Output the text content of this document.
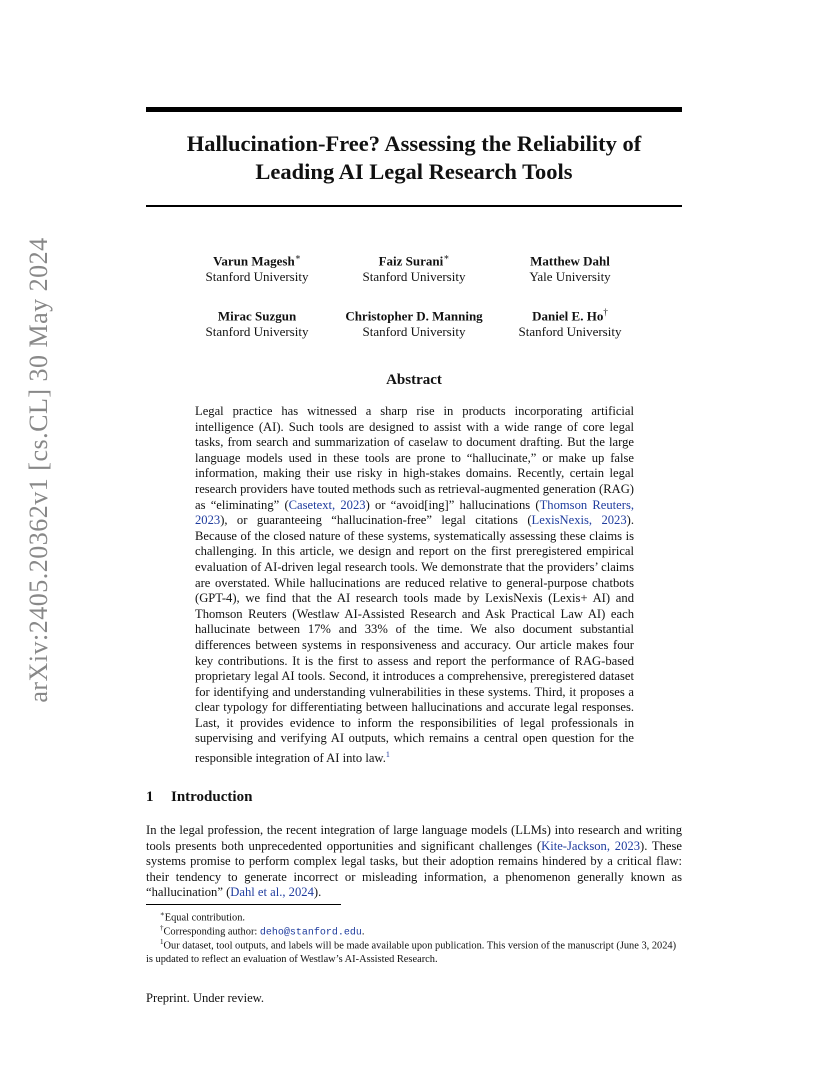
arXiv:2405.20362v1 [cs.CL] 30 May 2024
Hallucination-Free? Assessing the Reliability of
Leading AI Legal Research Tools
Varun Magesh∗
Stanford University
Faiz Surani∗
Stanford University
Matthew Dahl
Yale University
Mirac Suzgun
Stanford University
Christopher D. Manning
Stanford University
Daniel E. Ho†
Stanford University
Abstract
Legal practice has witnessed a sharp rise in products incorporating artificial intelligence (AI). Such tools are designed to assist with a wide range of core legal tasks, from search and summarization of caselaw to document drafting. But the large language models used in these tools are prone to “hallucinate,” or make up false information, making their use risky in high-stakes domains. Recently, certain legal research providers have touted methods such as retrieval-augmented generation (RAG) as “eliminating” (Casetext, 2023) or “avoid[ing]” hallucinations (Thomson Reuters, 2023), or guaranteeing “hallucination-free” legal citations (LexisNexis, 2023). Because of the closed nature of these systems, systematically assessing these claims is challenging. In this article, we design and report on the first preregistered empirical evaluation of AI-driven legal research tools. We demonstrate that the providers’ claims are overstated. While hallucinations are reduced relative to general-purpose chatbots (GPT-4), we find that the AI research tools made by LexisNexis (Lexis+ AI) and Thomson Reuters (Westlaw AI-Assisted Research and Ask Practical Law AI) each hallucinate between 17% and 33% of the time. We also document substantial differences between systems in responsiveness and accuracy. Our article makes four key contributions. It is the first to assess and report the performance of RAG-based proprietary legal AI tools. Second, it introduces a comprehensive, preregistered dataset for identifying and understanding vulnerabilities in these systems. Third, it proposes a clear typology for differentiating between hallucinations and accurate legal responses. Last, it provides evidence to inform the responsibilities of legal professionals in supervising and verifying AI outputs, which remains a central open question for the responsible integration of AI into law.$^1$
1 Introduction
In the legal profession, the recent integration of large language models (LLMs) into research and writing tools presents both unprecedented opportunities and significant challenges (Kite-Jackson, 2023). These systems promise to perform complex legal tasks, but their adoption remains hindered by a critical flaw: their tendency to generate incorrect or misleading information, a phenomenon generally known as “hallucination” (Dahl et al., 2024).
∗Equal contribution.
†Corresponding author: deho@stanford.edu.
$^1$Our dataset, tool outputs, and labels will be made available upon publication. This version of the manuscript (June 3, 2024) is updated to reflect an evaluation of Westlaw’s AI-Assisted Research.
Preprint. Under review.
